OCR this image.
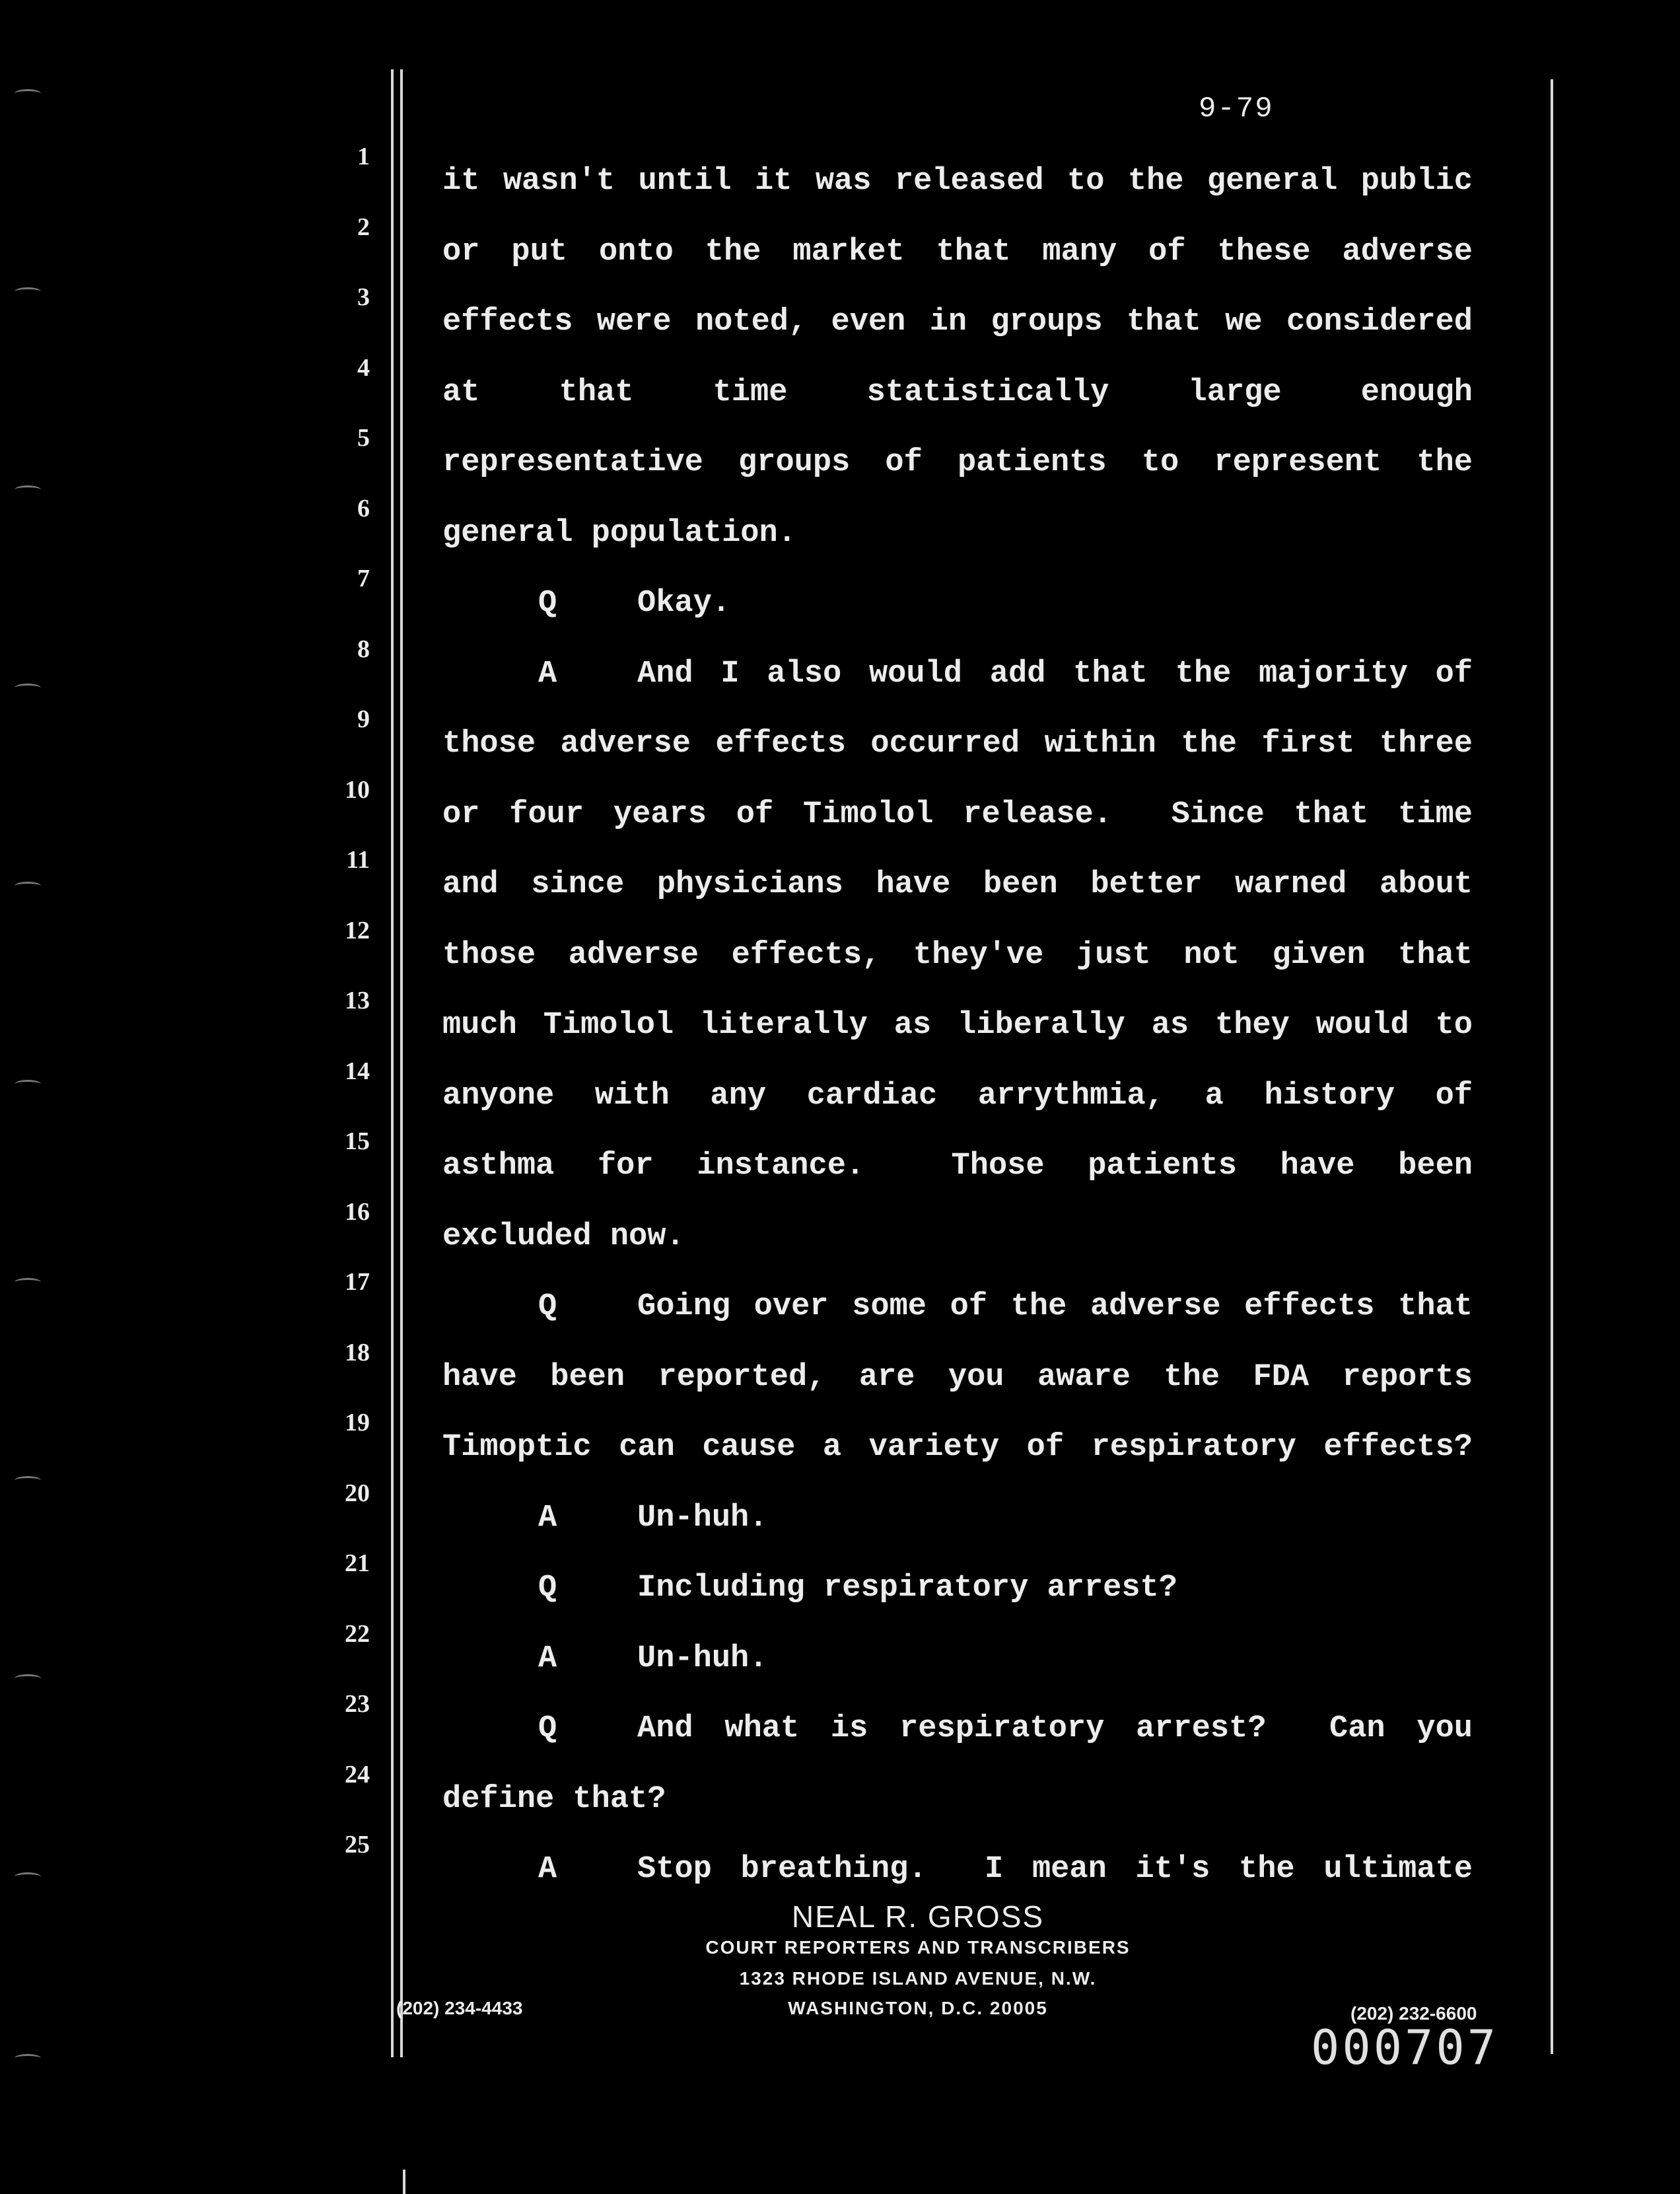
9-79
1
2
3
4
5
6
7
8
9
10
11
12
13
14
15
16
17
18
19
20
21
22
23
24
25
it wasn't until it was released to the general public
or put onto the market that many of these adverse
effects were noted, even in groups that we considered
at that time statistically large enough
representative groups of patients to represent the
general population.
Q	Okay.
A	And I also would add that the majority of
those adverse effects occurred within the first three
or four years of Timolol release.  Since that time
and since physicians have been better warned about
those adverse effects, they've just not given that
much Timolol literally as liberally as they would to
anyone with any cardiac arrythmia, a history of
asthma for instance.  Those patients have been
excluded now.
Q	Going over some of the adverse effects that
have been reported, are you aware the FDA reports
Timoptic can cause a variety of respiratory effects?
A	Un-huh.
Q	Including respiratory arrest?
A	Un-huh.
Q	And what is respiratory arrest?  Can you
define that?
A	Stop breathing.  I mean it's the ultimate
NEAL R. GROSS
COURT REPORTERS AND TRANSCRIBERS
1323 RHODE ISLAND AVENUE, N.W.
WASHINGTON, D.C. 20005
(202) 234-4433	(202) 232-6600
000707
